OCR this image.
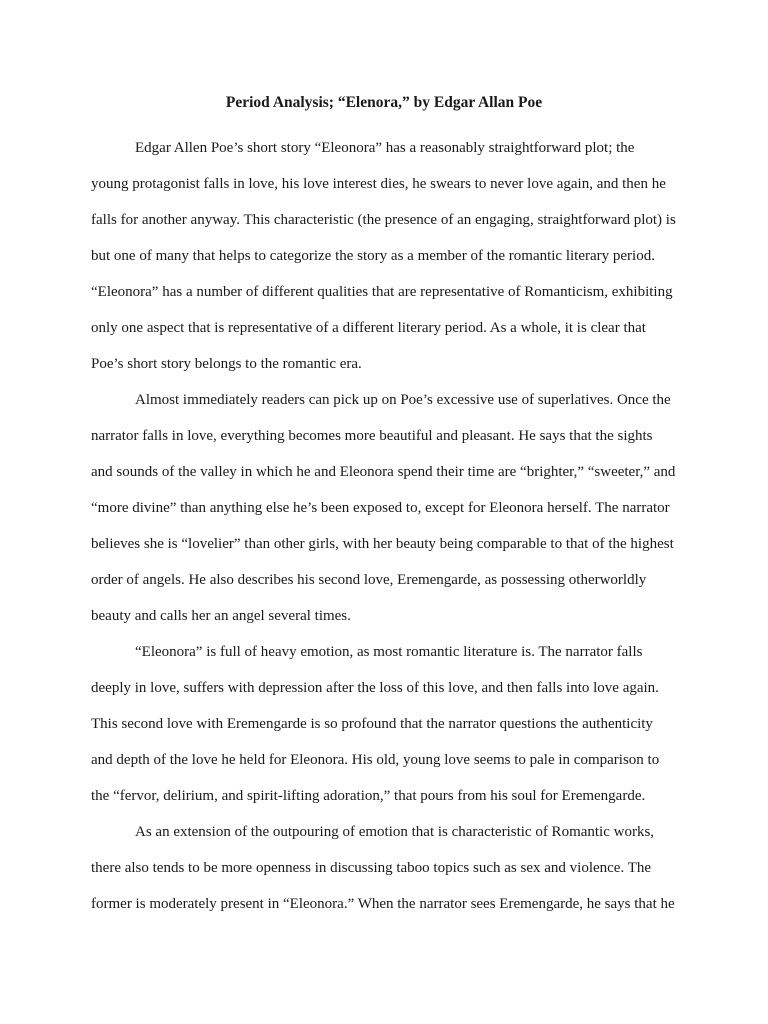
Period Analysis; “Elenora,” by Edgar Allan Poe
Edgar Allen Poe’s short story “Eleonora” has a reasonably straightforward plot; the
young protagonist falls in love, his love interest dies, he swears to never love again, and then he
falls for another anyway. This characteristic (the presence of an engaging, straightforward plot) is
but one of many that helps to categorize the story as a member of the romantic literary period.
“Eleonora” has a number of different qualities that are representative of Romanticism, exhibiting
only one aspect that is representative of a different literary period. As a whole, it is clear that
Poe’s short story belongs to the romantic era.
Almost immediately readers can pick up on Poe’s excessive use of superlatives. Once the
narrator falls in love, everything becomes more beautiful and pleasant. He says that the sights
and sounds of the valley in which he and Eleonora spend their time are “brighter,” “sweeter,” and
“more divine” than anything else he’s been exposed to, except for Eleonora herself. The narrator
believes she is “lovelier” than other girls, with her beauty being comparable to that of the highest
order of angels. He also describes his second love, Eremengarde, as possessing otherworldly
beauty and calls her an angel several times.
“Eleonora” is full of heavy emotion, as most romantic literature is. The narrator falls
deeply in love, suffers with depression after the loss of this love, and then falls into love again.
This second love with Eremengarde is so profound that the narrator questions the authenticity
and depth of the love he held for Eleonora. His old, young love seems to pale in comparison to
the “fervor, delirium, and spirit-lifting adoration,” that pours from his soul for Eremengarde.
As an extension of the outpouring of emotion that is characteristic of Romantic works,
there also tends to be more openness in discussing taboo topics such as sex and violence. The
former is moderately present in “Eleonora.” When the narrator sees Eremengarde, he says that he
